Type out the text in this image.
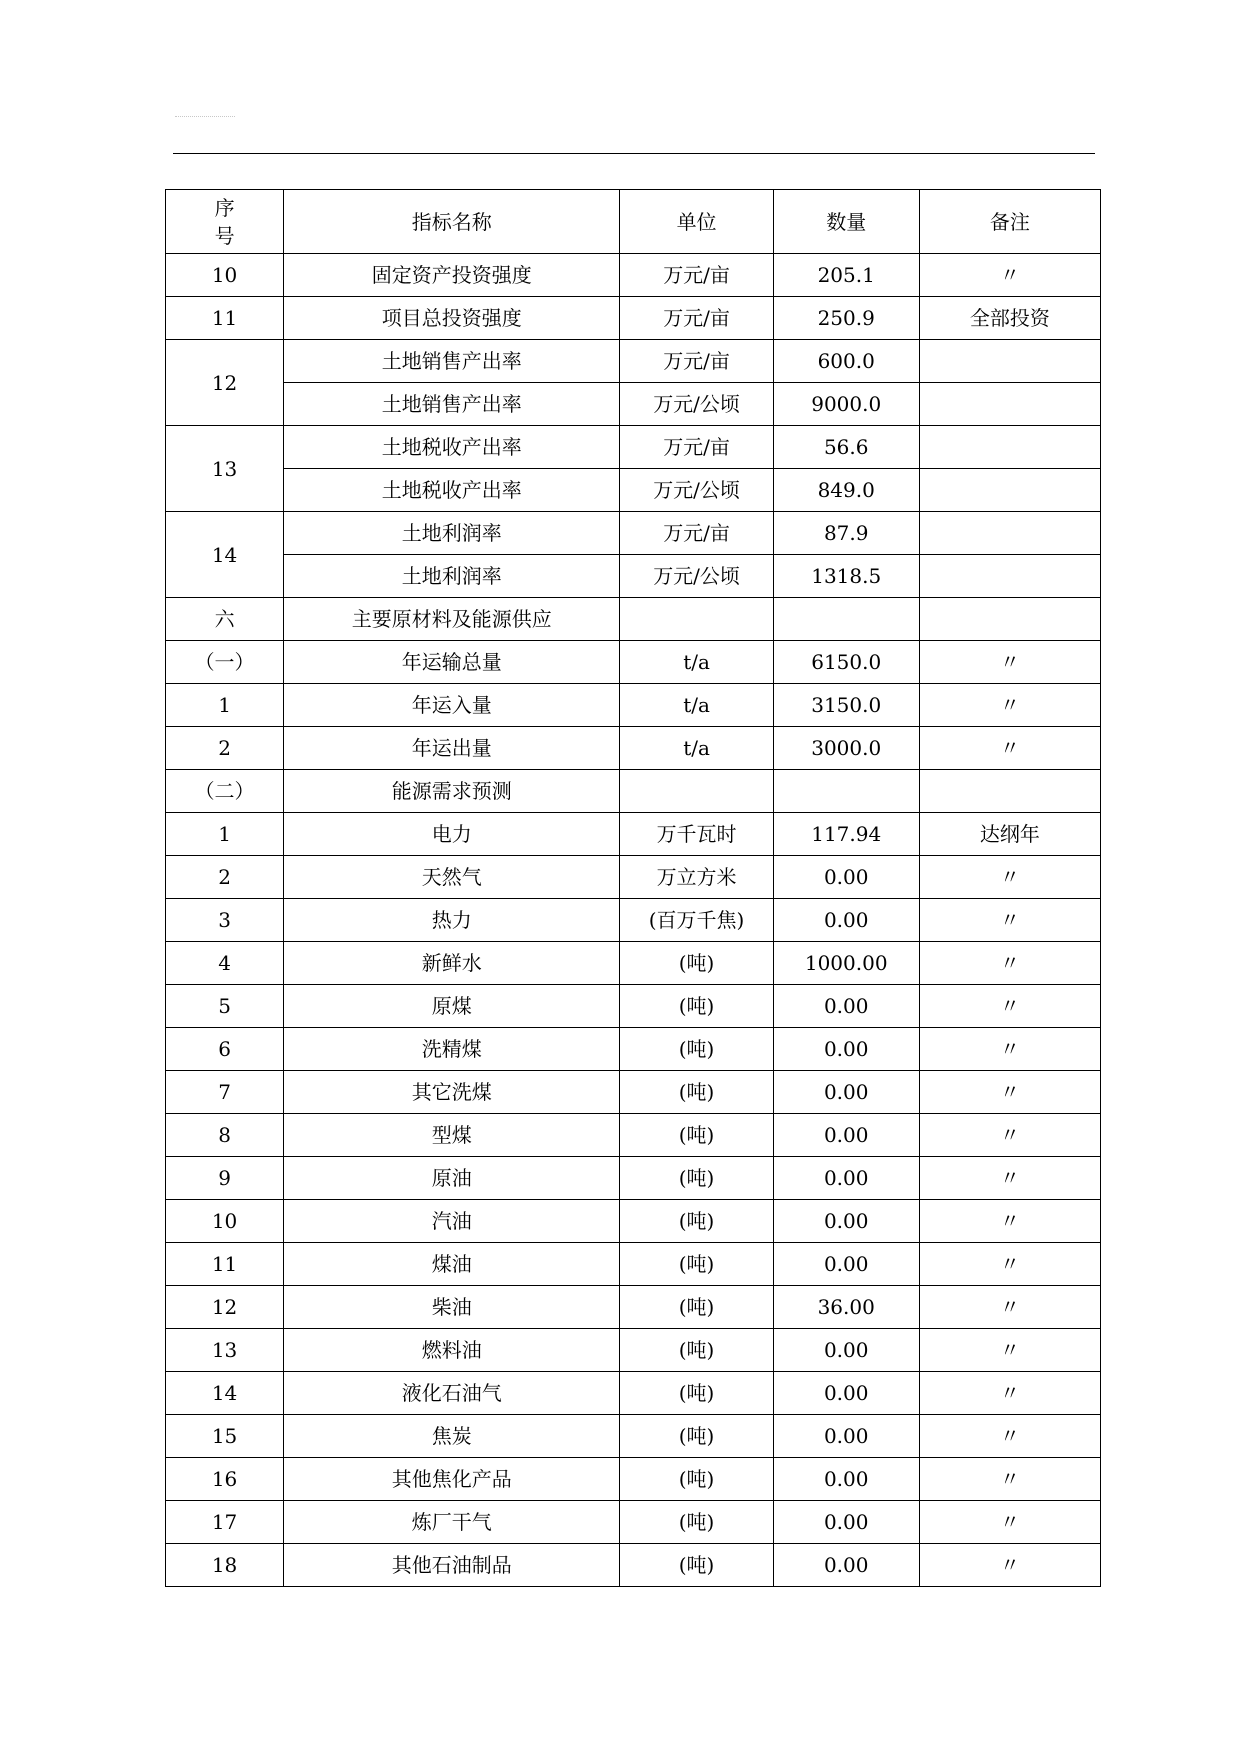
序
号	指标名称	单位	数量	备注
10	固定资产投资强度	万元/亩	205.1	〃
11	项目总投资强度	万元/亩	250.9	全部投资
12	土地销售产出率	万元/亩	600.0	
	土地销售产出率	万元/公顷	9000.0	
13	土地税收产出率	万元/亩	56.6	
	土地税收产出率	万元/公顷	849.0	
14	土地利润率	万元/亩	87.9	
	土地利润率	万元/公顷	1318.5	
六	主要原材料及能源供应			
（一）	年运输总量	t/a	6150.0	〃
1	年运入量	t/a	3150.0	〃
2	年运出量	t/a	3000.0	〃
（二）	能源需求预测			
1	电力	万千瓦时	117.94	达纲年
2	天然气	万立方米	0.00	〃
3	热力	(百万千焦)	0.00	〃
4	新鲜水	(吨)	1000.00	〃
5	原煤	(吨)	0.00	〃
6	洗精煤	(吨)	0.00	〃
7	其它洗煤	(吨)	0.00	〃
8	型煤	(吨)	0.00	〃
9	原油	(吨)	0.00	〃
10	汽油	(吨)	0.00	〃
11	煤油	(吨)	0.00	〃
12	柴油	(吨)	36.00	〃
13	燃料油	(吨)	0.00	〃
14	液化石油气	(吨)	0.00	〃
15	焦炭	(吨)	0.00	〃
16	其他焦化产品	(吨)	0.00	〃
17	炼厂干气	(吨)	0.00	〃
18	其他石油制品	(吨)	0.00	〃
